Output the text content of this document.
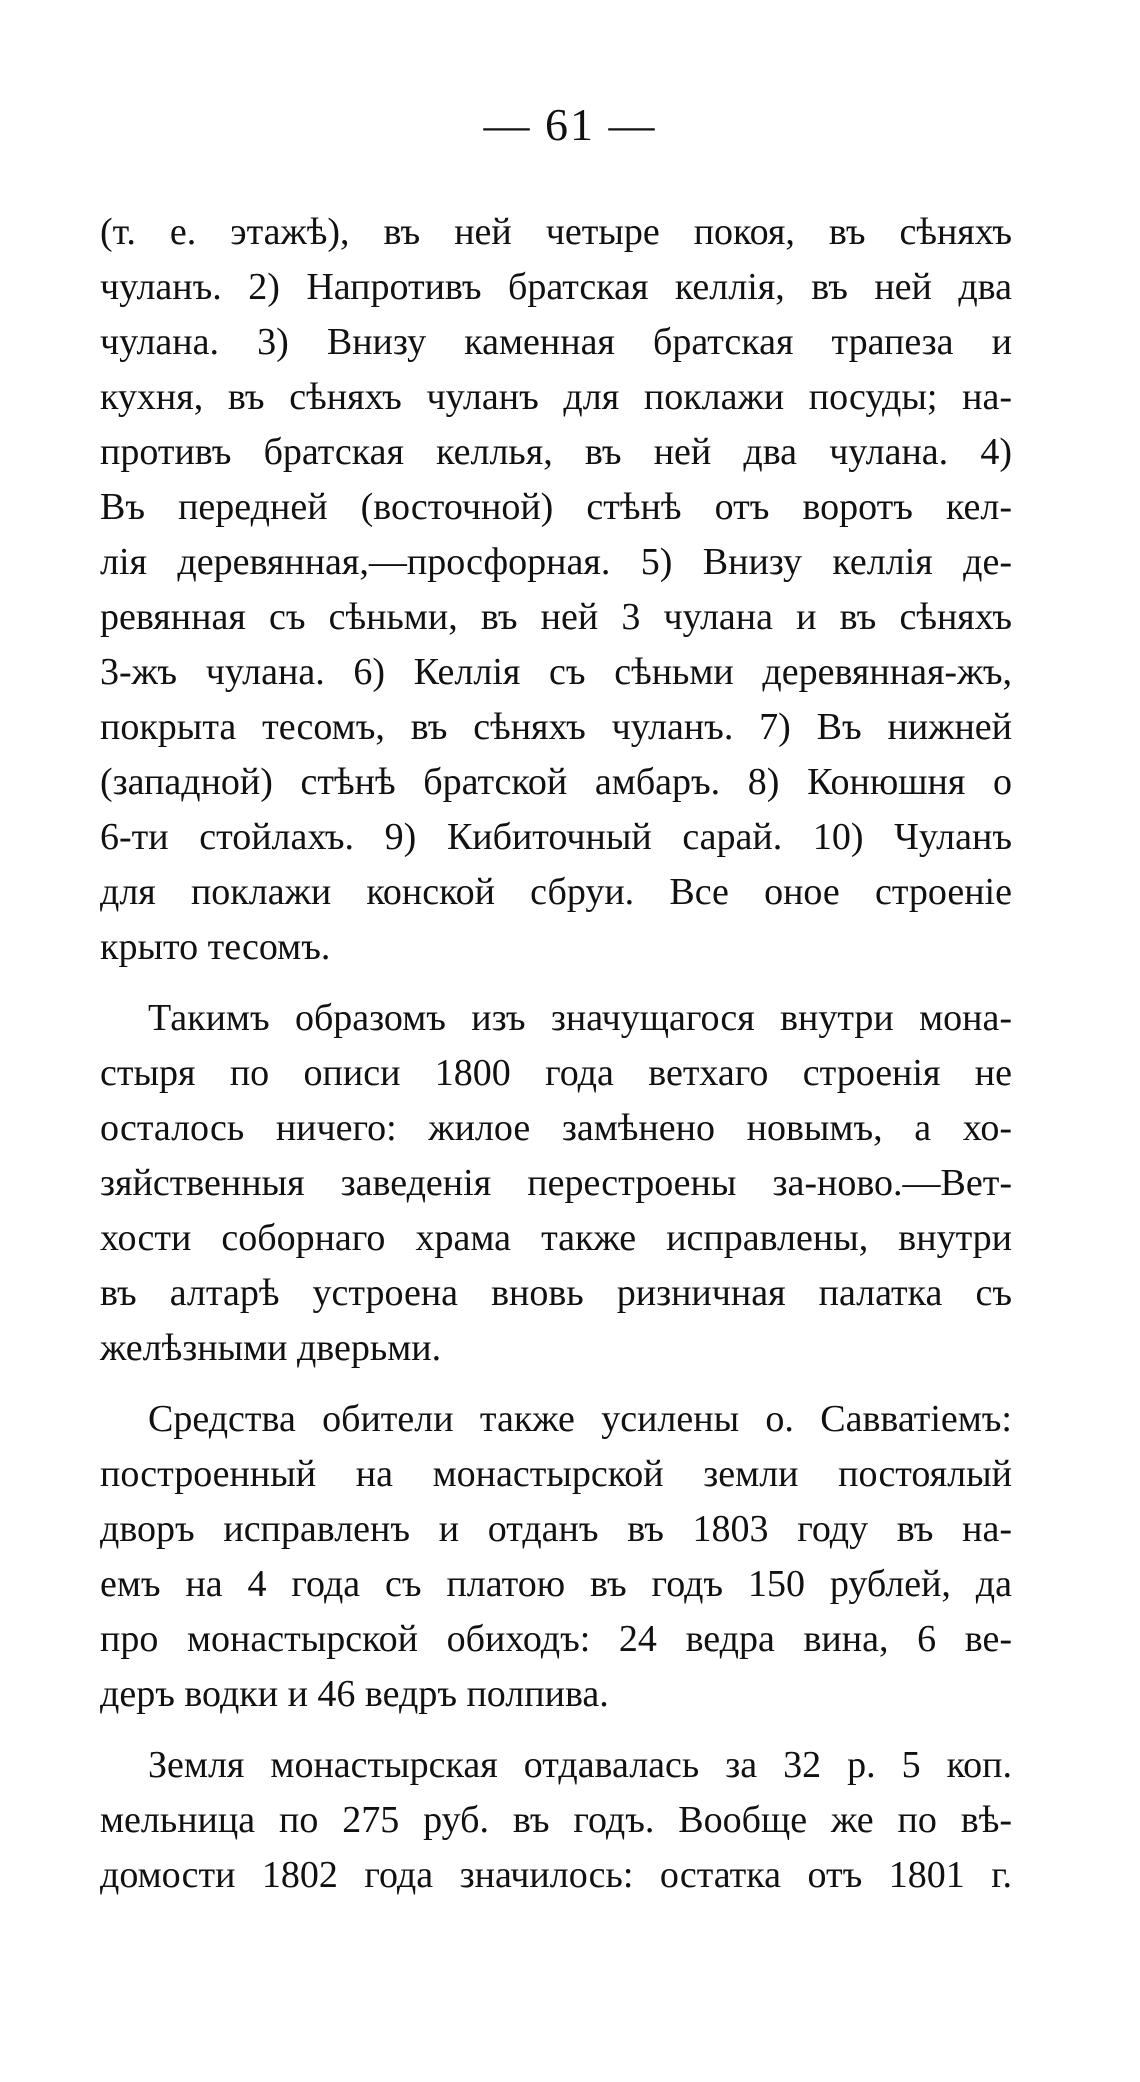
— 61 —
(т. е. этажѣ), въ ней четыре покоя, въ сѣняхъ
чуланъ. 2) Напротивъ братская келлія, въ ней два
чулана. 3) Внизу каменная братская трапеза и
кухня, въ сѣняхъ чуланъ для поклажи посуды; на-
противъ братская келлья, въ ней два чулана. 4)
Въ передней (восточной) стѣнѣ отъ воротъ кел-
лія деревянная,—просфорная. 5) Внизу келлія де-
ревянная съ сѣньми, въ ней 3 чулана и въ сѣняхъ
3-жъ чулана. 6) Келлія съ сѣньми деревянная-жъ,
покрыта тесомъ, въ сѣняхъ чуланъ. 7) Въ нижней
(западной) стѣнѣ братской амбаръ. 8) Конюшня о
6-ти стойлахъ. 9) Кибиточный сарай. 10) Чуланъ
для поклажи конской сбруи. Все оное строеніе
крыто тесомъ.
Такимъ образомъ изъ значущагося внутри мона-
стыря по описи 1800 года ветхаго строенія не
осталось ничего: жилое замѣнено новымъ, а хо-
зяйственныя заведенія перестроены за-ново.—Вет-
хости соборнаго храма также исправлены, внутри
въ алтарѣ устроена вновь ризничная палатка съ
желѣзными дверьми.
Средства обители также усилены о. Савватіемъ:
построенный на монастырской земли постоялый
дворъ исправленъ и отданъ въ 1803 году въ на-
емъ на 4 года съ платою въ годъ 150 рублей, да
про монастырской обиходъ: 24 ведра вина, 6 ве-
деръ водки и 46 ведръ полпива.
Земля монастырская отдавалась за 32 р. 5 коп.
мельница по 275 руб. въ годъ. Вообще же по вѣ-
домости 1802 года значилось: остатка отъ 1801 г.
